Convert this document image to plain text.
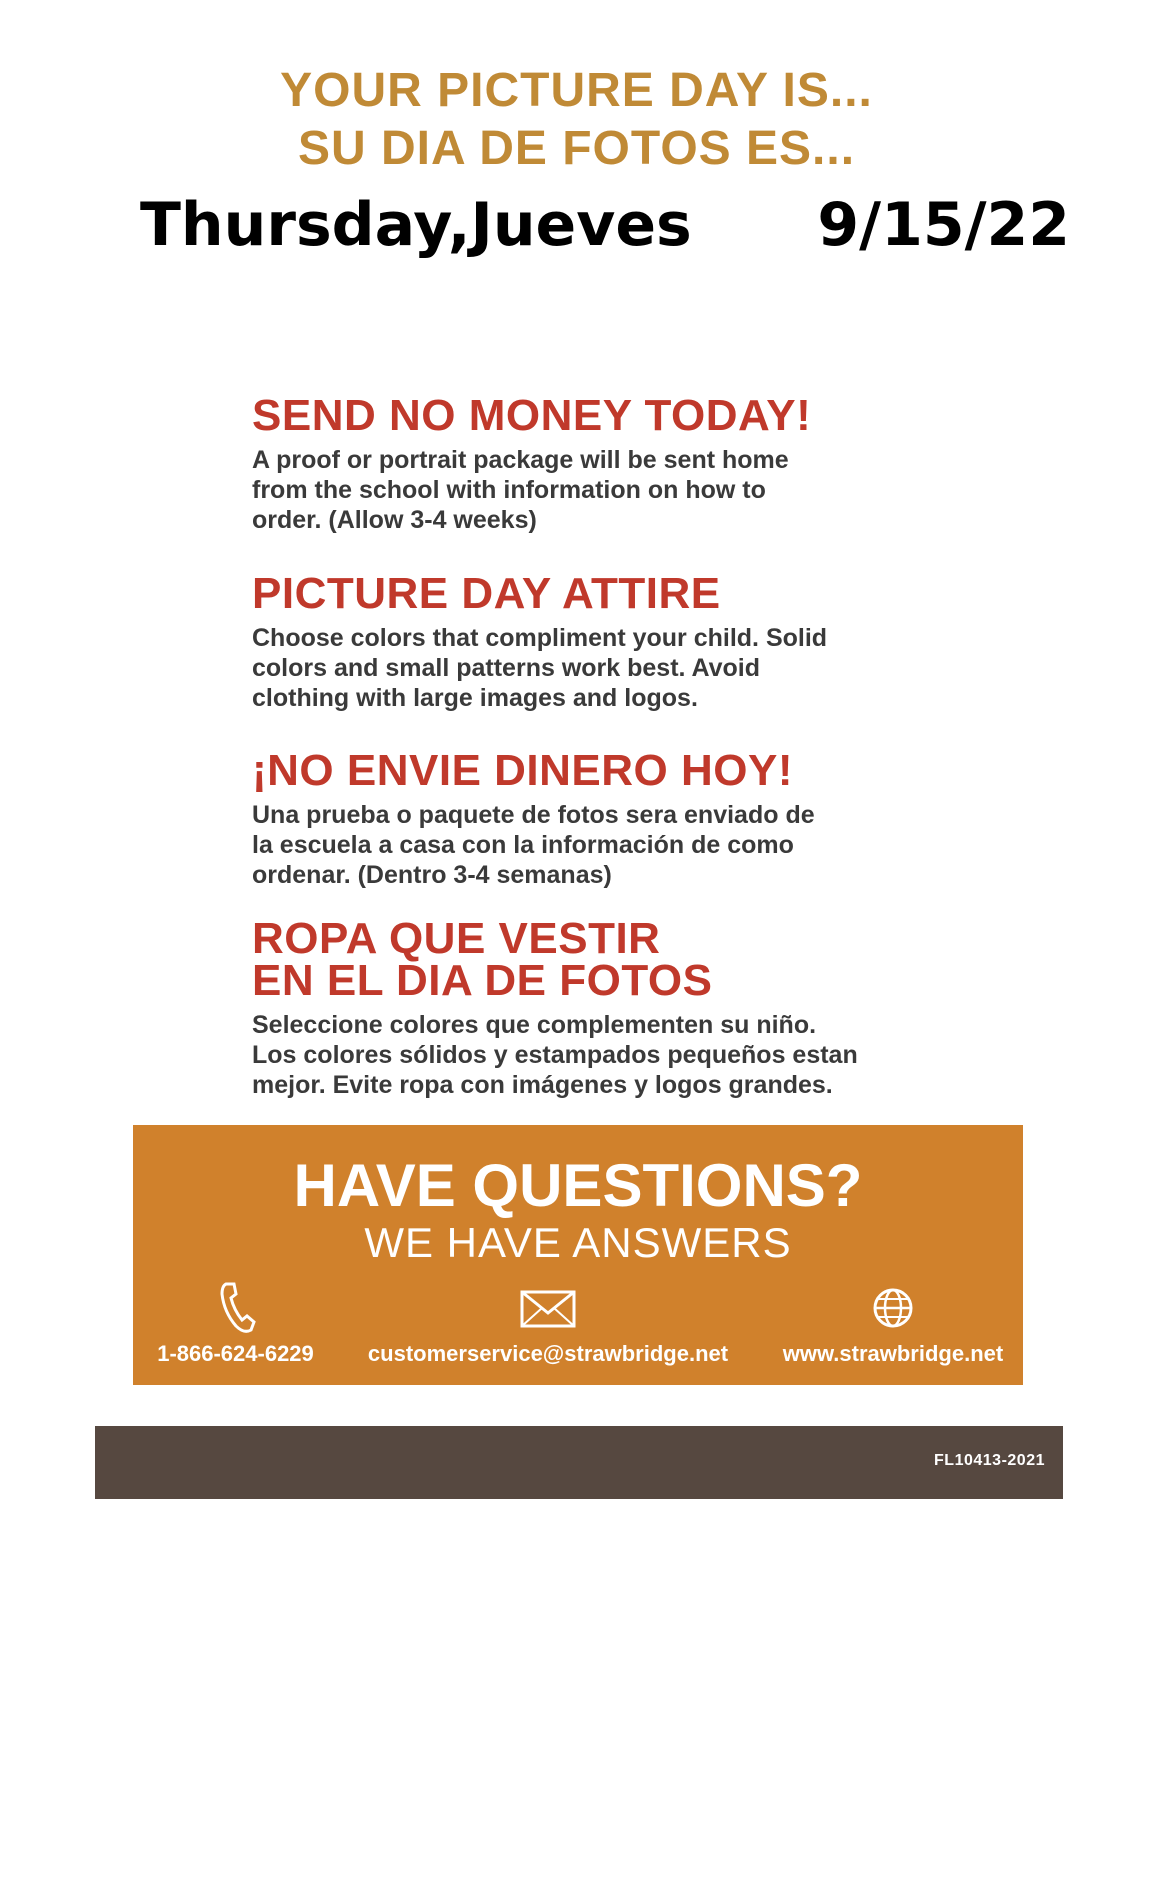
YOUR PICTURE DAY IS...
SU DIA DE FOTOS ES...
Thursday,Jueves 9/15/22
SEND NO MONEY TODAY!
A proof or portrait package will be sent home
from the school with information on how to
order. (Allow 3-4 weeks)
PICTURE DAY ATTIRE
Choose colors that compliment your child. Solid
colors and small patterns work best. Avoid
clothing with large images and logos.
¡NO ENVIE DINERO HOY!
Una prueba o paquete de fotos sera enviado de
la escuela a casa con la información de como
ordenar. (Dentro 3-4 semanas)
ROPA QUE VESTIR
EN EL DIA DE FOTOS
Seleccione colores que complementen su niño.
Los colores sólidos y estampados pequeños estan
mejor. Evite ropa con imágenes y logos grandes.
HAVE QUESTIONS?
WE HAVE ANSWERS
1-866-624-6229	customerservice@strawbridge.net	www.strawbridge.net
FL10413-2021
